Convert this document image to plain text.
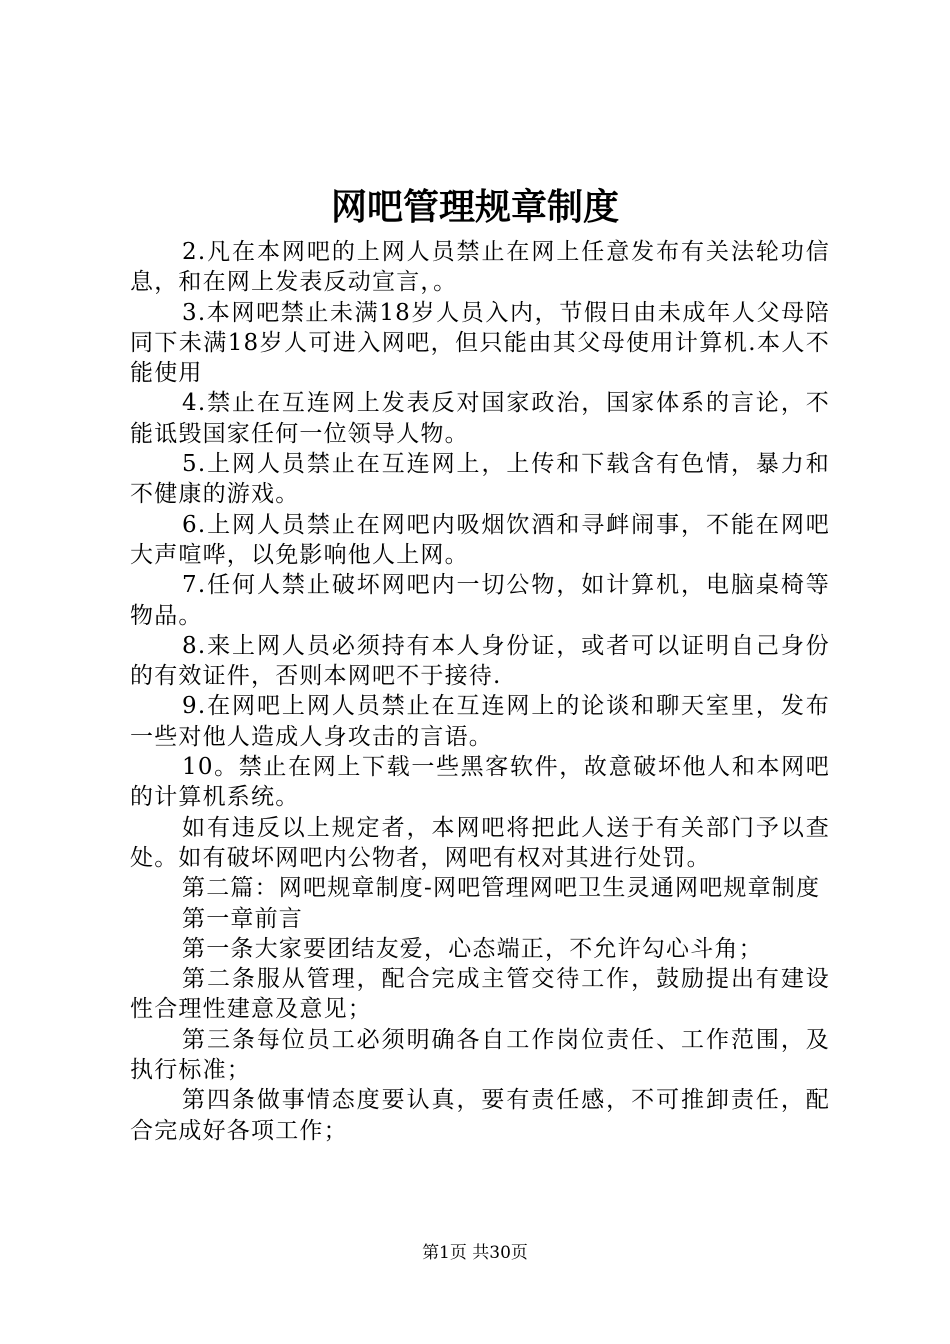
网吧管理规章制度

2.凡在本网吧的上网人员禁止在网上任意发布有关法轮功信息，和在网上发表反动宣言，。

3.本网吧禁止未满18岁人员入内，节假日由未成年人父母陪同下未满18岁人可进入网吧，但只能由其父母使用计算机.本人不能使用

4.禁止在互连网上发表反对国家政治，国家体系的言论，不能诋毁国家任何一位领导人物。

5.上网人员禁止在互连网上，上传和下载含有色情，暴力和不健康的游戏。

6.上网人员禁止在网吧内吸烟饮酒和寻衅闹事，不能在网吧大声喧哗，以免影响他人上网。

7.任何人禁止破坏网吧内一切公物，如计算机，电脑桌椅等物品。

8.来上网人员必须持有本人身份证，或者可以证明自己身份的有效证件，否则本网吧不于接待.

9.在网吧上网人员禁止在互连网上的论谈和聊天室里，发布一些对他人造成人身攻击的言语。

10。禁止在网上下载一些黑客软件，故意破坏他人和本网吧的计算机系统。

如有违反以上规定者，本网吧将把此人送于有关部门予以查处。如有破坏网吧内公物者，网吧有权对其进行处罚。

第二篇：网吧规章制度-网吧管理网吧卫生灵通网吧规章制度

第一章前言

第一条大家要团结友爱，心态端正，不允许勾心斗角；

第二条服从管理，配合完成主管交待工作，鼓励提出有建设性合理性建意及意见；

第三条每位员工必须明确各自工作岗位责任、工作范围，及执行标准；

第四条做事情态度要认真，要有责任感，不可推卸责任，配合完成好各项工作；

第1页 共30页
